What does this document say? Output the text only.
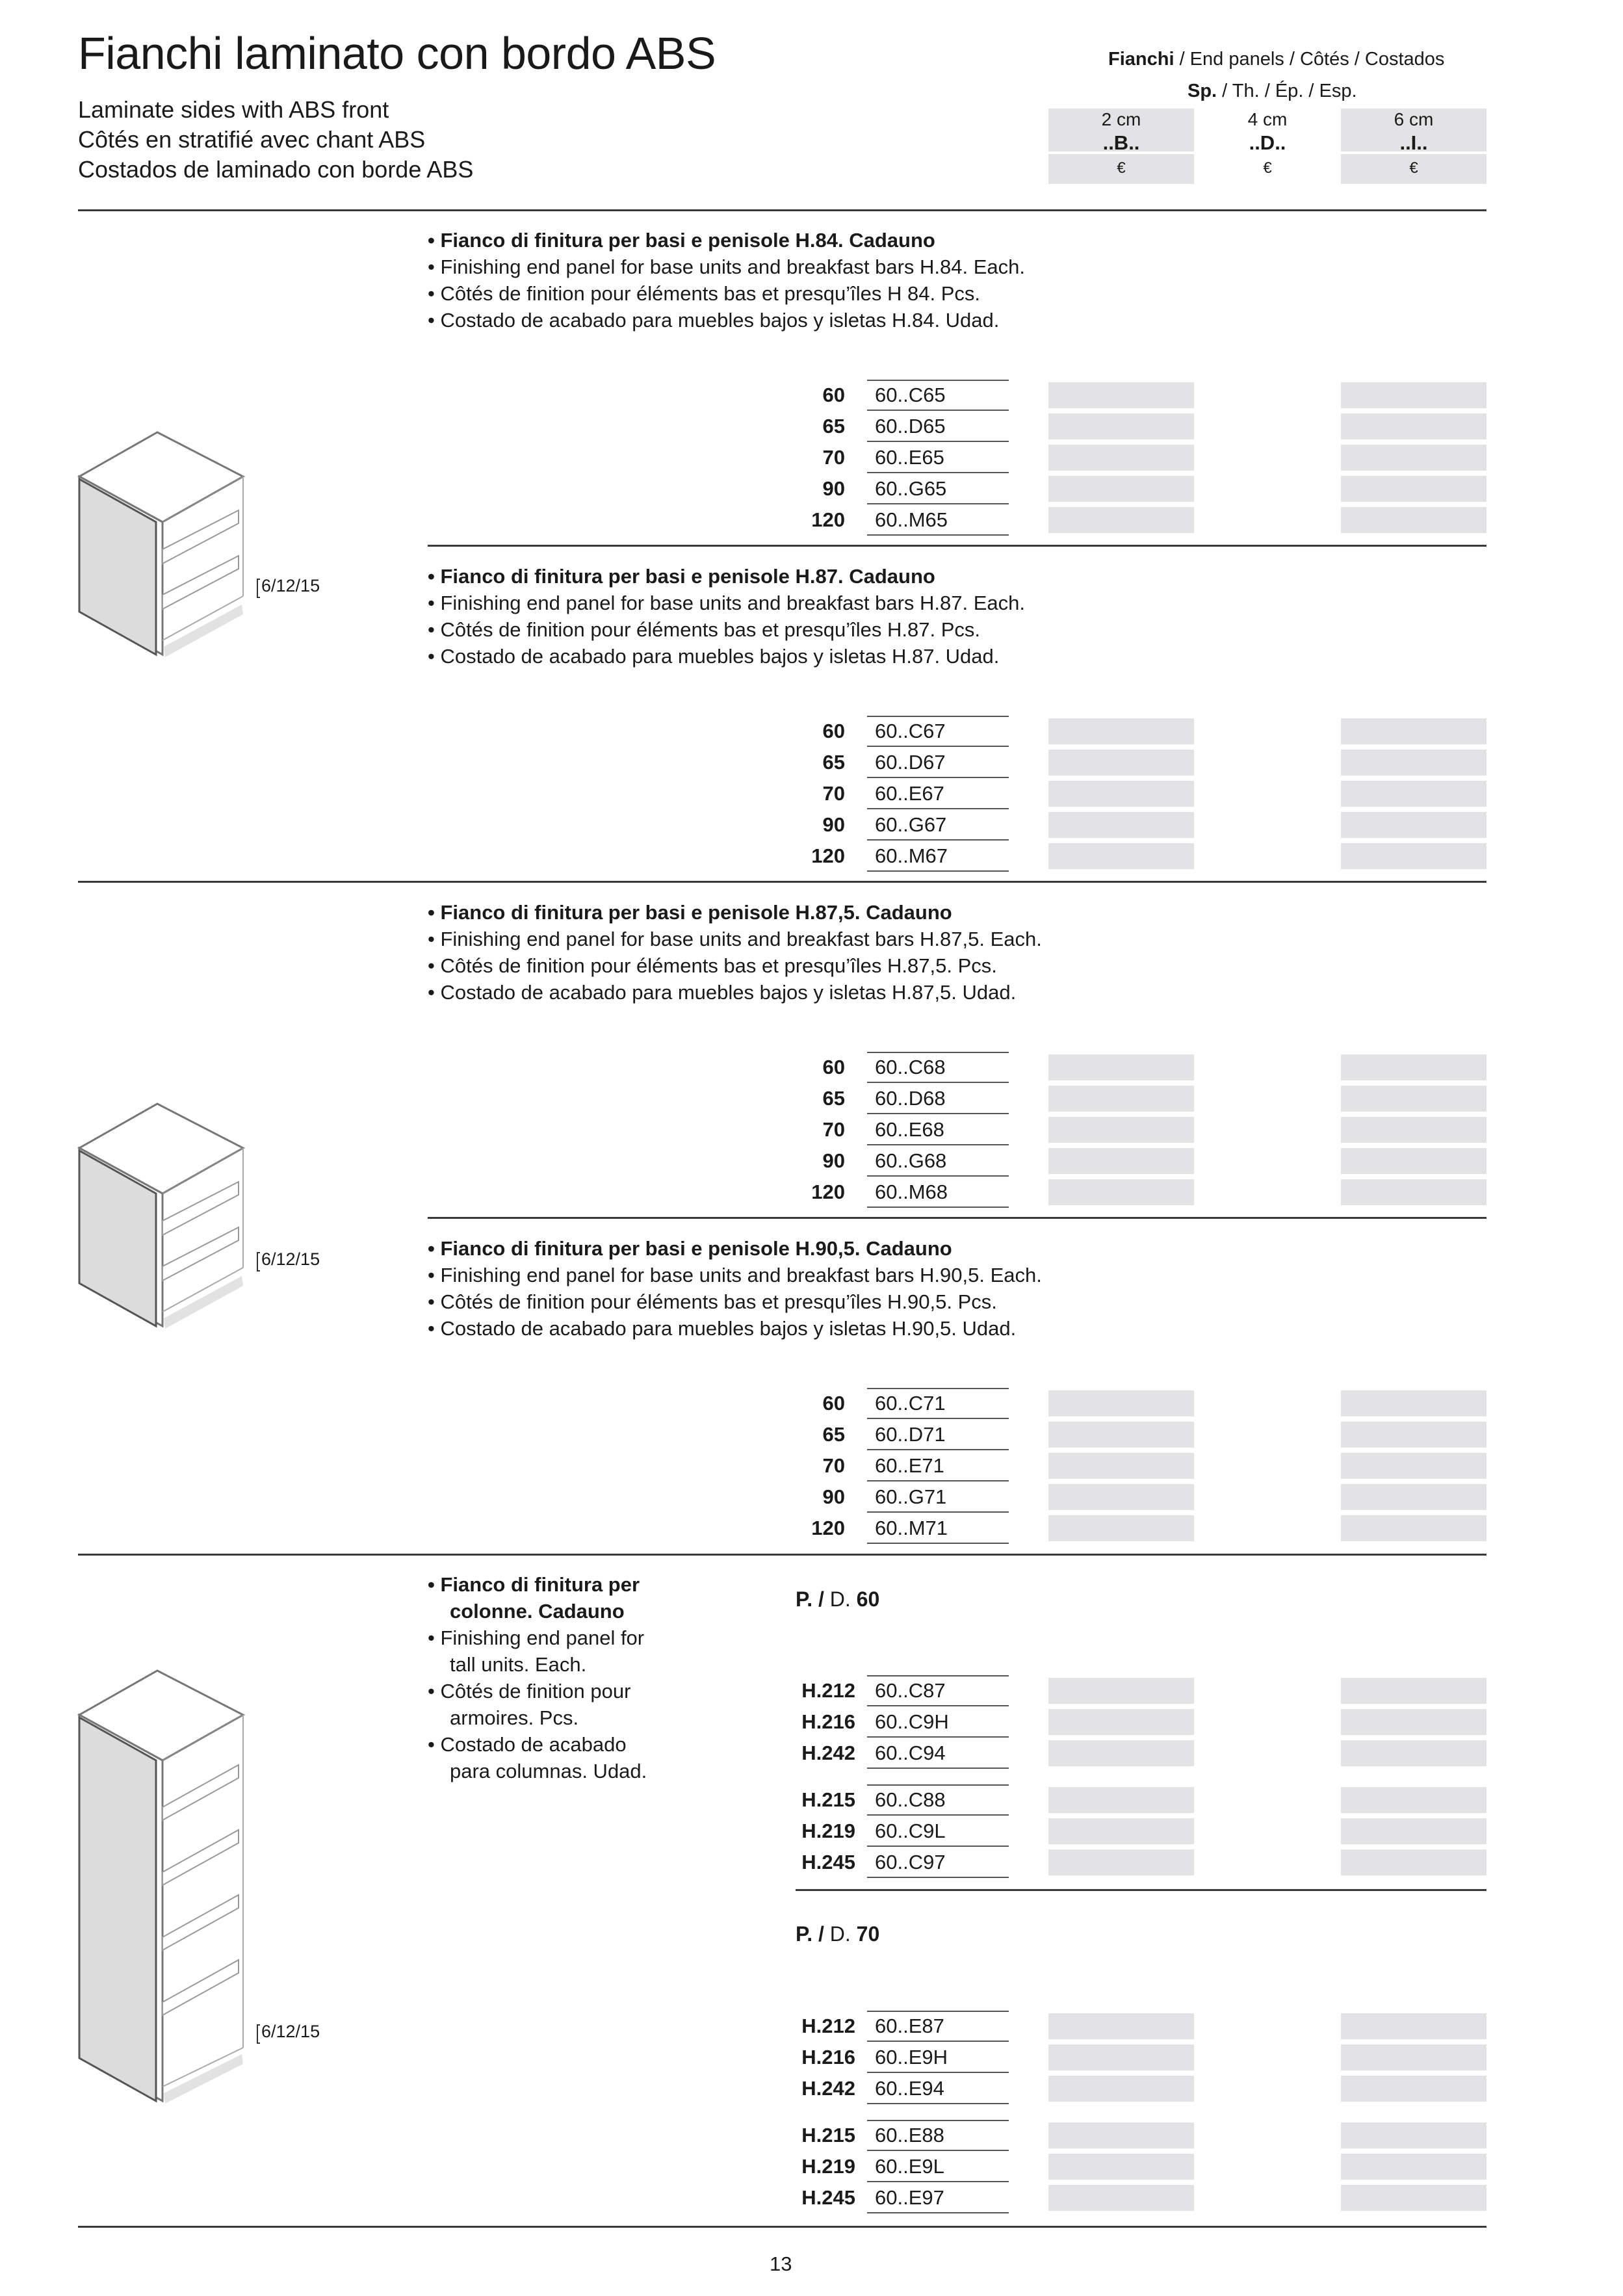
Fianchi laminato con bordo ABS
Laminate sides with ABS front
Côtés en stratifié avec chant ABS
Costados de laminado con borde ABS
Fianchi / End panels / Côtés / Costados
Sp. / Th. / Ép. / Esp.
2 cm
..B..
€
4 cm
..D..
€
6 cm
..I..
€
6/12/15
6/12/15
6/12/15
• Fianco di finitura per basi e penisole H.84. Cadauno
• Finishing end panel for base units and breakfast bars H.84. Each.
• Côtés de finition pour éléments bas et presqu’îles H 84. Pcs.
• Costado de acabado para muebles bajos y isletas H.84. Udad.
• Fianco di finitura per basi e penisole H.87. Cadauno
• Finishing end panel for base units and breakfast bars H.87. Each.
• Côtés de finition pour éléments bas et presqu’îles H.87. Pcs.
• Costado de acabado para muebles bajos y isletas H.87. Udad.
• Fianco di finitura per basi e penisole H.87,5. Cadauno
• Finishing end panel for base units and breakfast bars H.87,5. Each.
• Côtés de finition pour éléments bas et presqu’îles H.87,5. Pcs.
• Costado de acabado para muebles bajos y isletas H.87,5. Udad.
• Fianco di finitura per basi e penisole H.90,5. Cadauno
• Finishing end panel for base units and breakfast bars H.90,5. Each.
• Côtés de finition pour éléments bas et presqu’îles H.90,5. Pcs.
• Costado de acabado para muebles bajos y isletas H.90,5. Udad.
• Fianco di finitura per
colonne. Cadauno
• Finishing end panel for
tall units. Each.
• Côtés de finition pour
armoires. Pcs.
• Costado de acabado
para columnas. Udad.
P. / D. 60
P. / D. 70
60 60..C65
65 60..D65
70 60..E65
90 60..G65
120 60..M65
60 60..C67
65 60..D67
70 60..E67
90 60..G67
120 60..M67
60 60..C68
65 60..D68
70 60..E68
90 60..G68
120 60..M68
60 60..C71
65 60..D71
70 60..E71
90 60..G71
120 60..M71
H.212 60..C87
H.216 60..C9H
H.242 60..C94
H.215 60..C88
H.219 60..C9L
H.245 60..C97
H.212 60..E87
H.216 60..E9H
H.242 60..E94
H.215 60..E88
H.219 60..E9L
H.245 60..E97
13
